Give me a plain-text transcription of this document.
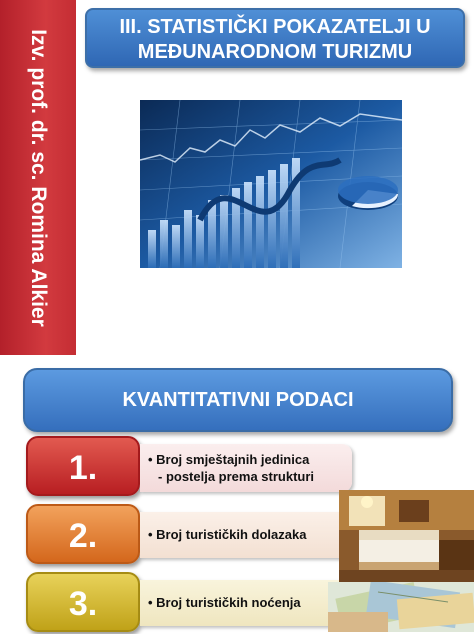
Izv. prof. dr. sc. Romina Alkier
III. STATISTIČKI POKAZATELJI U
MEĐUNARODNOM TURIZMU
KVANTITATIVNI PODACI
1.	• Broj smještajnih jedinica
- postelja prema strukturi
2.	• Broj turističkih dolazaka
3.	• Broj turističkih noćenja
